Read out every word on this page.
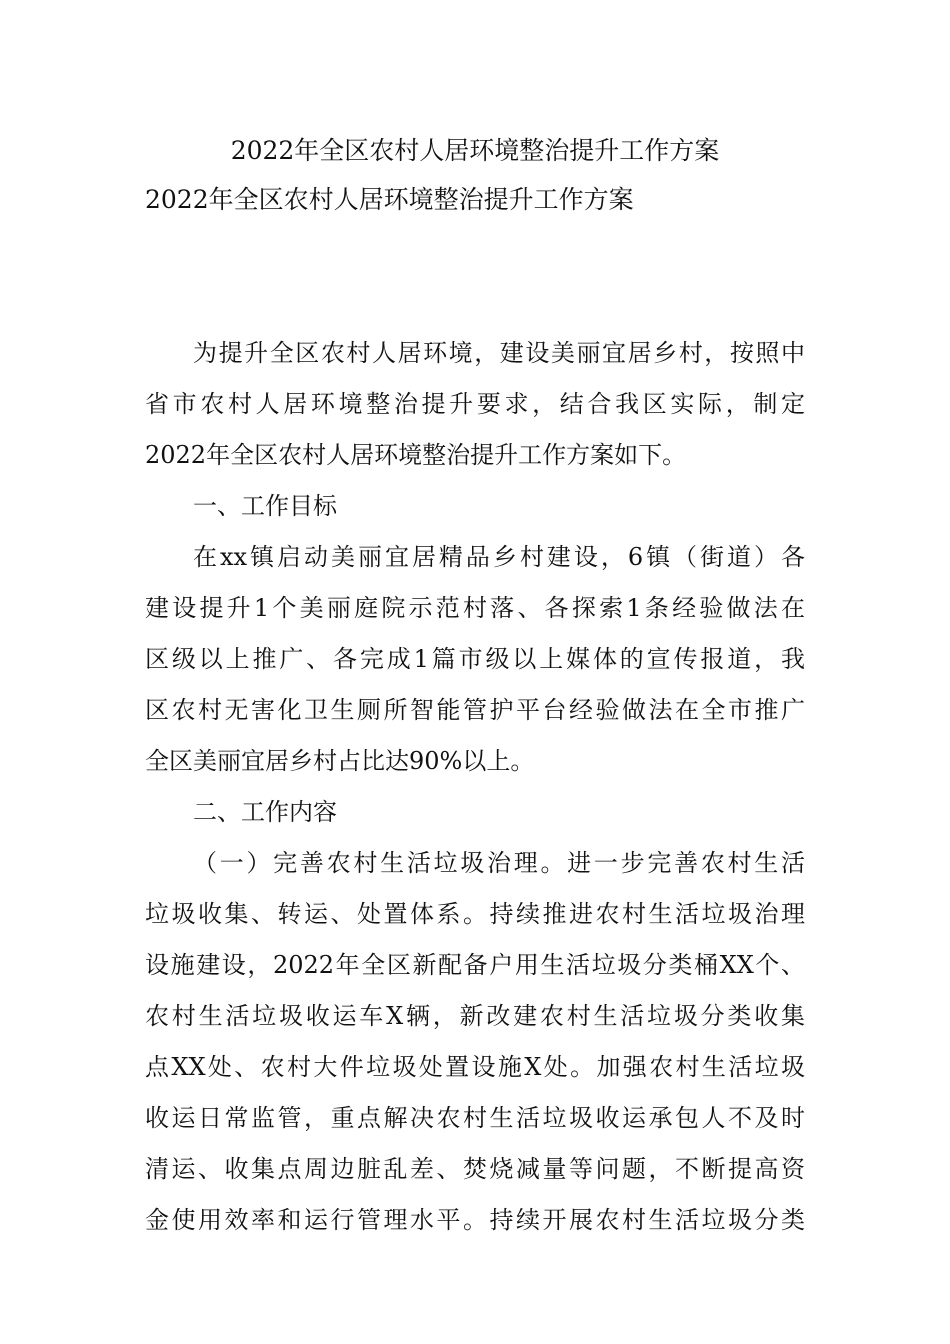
2022年全区农村人居环境整治提升工作方案
2022年全区农村人居环境整治提升工作方案
为提升全区农村人居环境，建设美丽宜居乡村，按照中
省市农村人居环境整治提升要求，结合我区实际，制定
2022年全区农村人居环境整治提升工作方案如下。
一、工作目标
在xx镇启动美丽宜居精品乡村建设，6镇（街道）各
建设提升1个美丽庭院示范村落、各探索1条经验做法在
区级以上推广、各完成1篇市级以上媒体的宣传报道，我
区农村无害化卫生厕所智能管护平台经验做法在全市推广
全区美丽宜居乡村占比达90%以上。
二、工作内容
（一）完善农村生活垃圾治理。进一步完善农村生活
垃圾收集、转运、处置体系。持续推进农村生活垃圾治理
设施建设，2022年全区新配备户用生活垃圾分类桶XX个、
农村生活垃圾收运车X辆，新改建农村生活垃圾分类收集
点XX处、农村大件垃圾处置设施X处。加强农村生活垃圾
收运日常监管，重点解决农村生活垃圾收运承包人不及时
清运、收集点周边脏乱差、焚烧减量等问题，不断提高资
金使用效率和运行管理水平。持续开展农村生活垃圾分类
